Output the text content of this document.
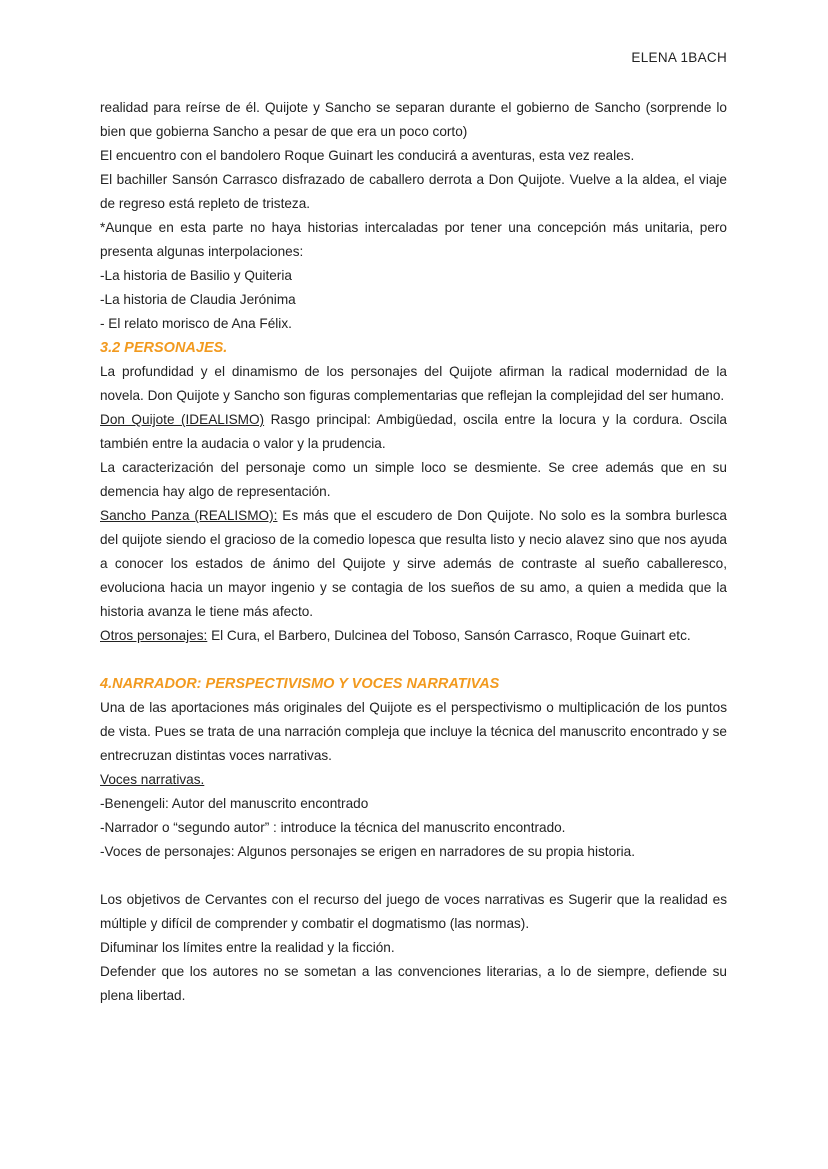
ELENA 1BACH

realidad para reírse de él. Quijote y Sancho se separan durante el gobierno de Sancho (sorprende lo bien que gobierna Sancho a pesar de que era un poco corto)

El encuentro con el bandolero Roque Guinart les conducirá a aventuras, esta vez reales.

El bachiller Sansón Carrasco disfrazado de caballero derrota a Don Quijote. Vuelve a la aldea, el viaje de regreso está repleto de tristeza.

*Aunque en esta parte no haya historias intercaladas por tener una concepción más unitaria, pero presenta algunas interpolaciones:

-La historia de Basilio y Quiteria

-La historia de Claudia Jerónima

- El relato morisco de Ana Félix.

3.2 PERSONAJES.

La profundidad y el dinamismo de los personajes del Quijote afirman la radical modernidad de la novela. Don Quijote y Sancho son figuras complementarias que reflejan la complejidad del ser humano.

Don Quijote (IDEALISMO) Rasgo principal: Ambigüedad, oscila entre la locura y la cordura. Oscila también entre la audacia o valor y la prudencia.

La caracterización del personaje como un simple loco se desmiente. Se cree además que en su demencia hay algo de representación.

Sancho Panza (REALISMO): Es más que el escudero de Don Quijote. No solo es la sombra burlesca del quijote siendo el gracioso de la comedio lopesca que resulta listo y necio alavez sino que nos ayuda a conocer los estados de ánimo del Quijote y sirve además de contraste al sueño caballeresco, evoluciona hacia un mayor ingenio y se contagia de los sueños de su amo, a quien a medida que la historia avanza le tiene más afecto.

Otros personajes: El Cura, el Barbero, Dulcinea del Toboso, Sansón Carrasco, Roque Guinart etc.

4.NARRADOR: PERSPECTIVISMO Y VOCES NARRATIVAS

Una de las aportaciones más originales del Quijote es el perspectivismo o multiplicación de los puntos de vista. Pues se trata de una narración compleja que incluye la técnica del manuscrito encontrado y se entrecruzan distintas voces narrativas.

Voces narrativas.

-Benengeli: Autor del manuscrito encontrado

-Narrador o “segundo autor” : introduce la técnica del manuscrito encontrado.

-Voces de personajes: Algunos personajes se erigen en narradores de su propia historia.

Los objetivos de Cervantes con el recurso del juego de voces narrativas es Sugerir que la realidad es múltiple y difícil de comprender y combatir el dogmatismo (las normas).

Difuminar los límites entre la realidad y la ficción.

Defender que los autores no se sometan a las convenciones literarias, a lo de siempre, defiende su plena libertad.
